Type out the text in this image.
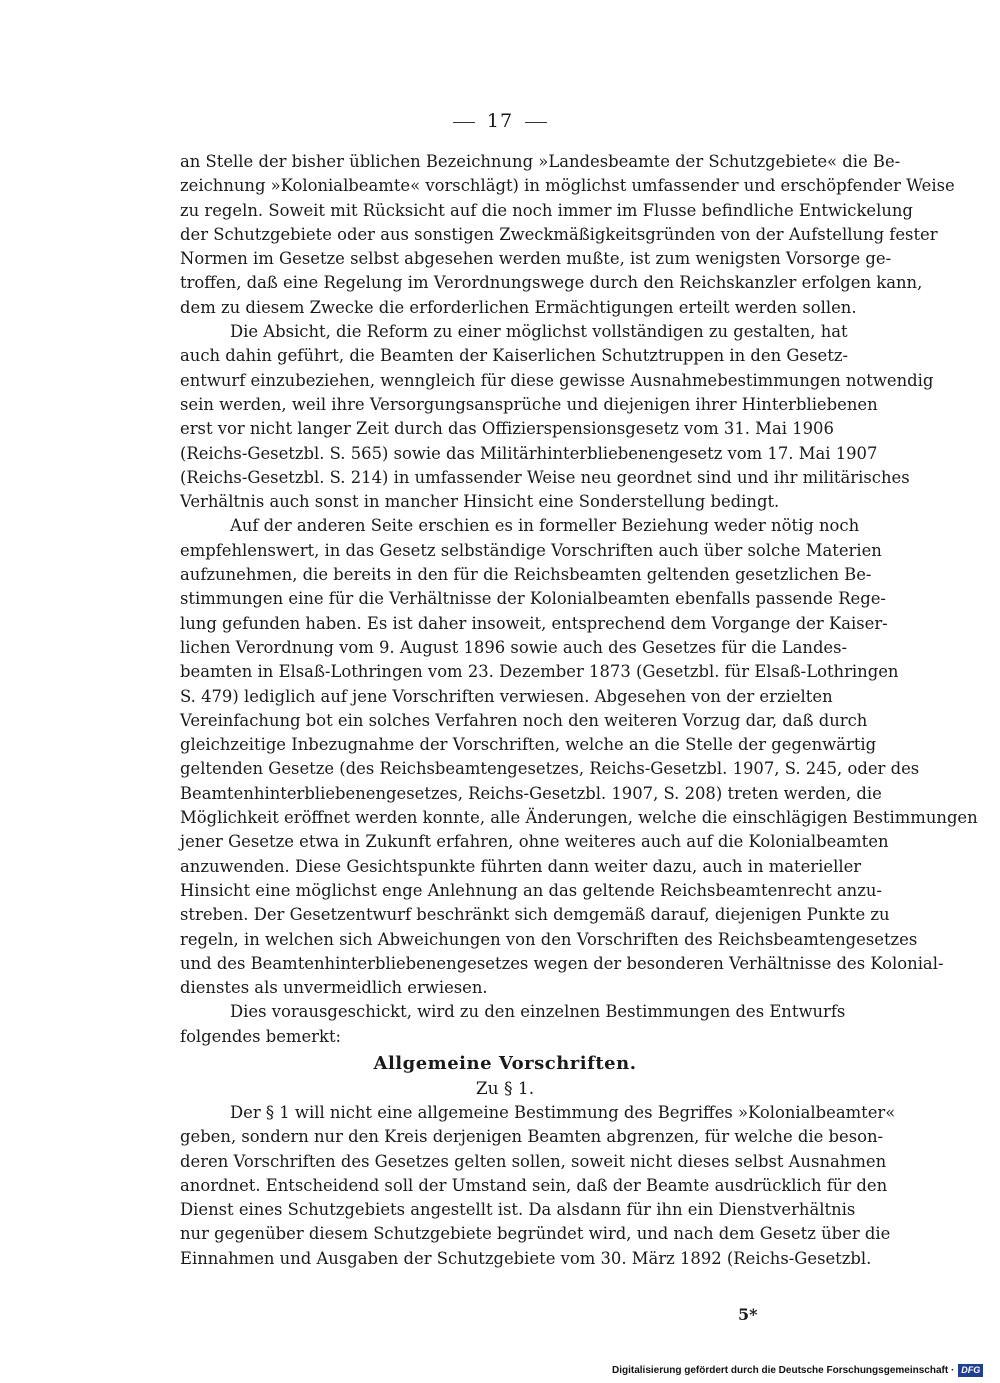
17
an Stelle der bisher üblichen Bezeichnung »Landesbeamte der Schutzgebiete« die Be-
zeichnung »Kolonialbeamte« vorschlägt) in möglichst umfassender und erschöpfender Weise
zu regeln. Soweit mit Rücksicht auf die noch immer im Flusse befindliche Entwickelung
der Schutzgebiete oder aus sonstigen Zweckmäßigkeitsgründen von der Aufstellung fester
Normen im Gesetze selbst abgesehen werden mußte, ist zum wenigsten Vorsorge ge-
troffen, daß eine Regelung im Verordnungswege durch den Reichskanzler erfolgen kann,
dem zu diesem Zwecke die erforderlichen Ermächtigungen erteilt werden sollen.
Die Absicht, die Reform zu einer möglichst vollständigen zu gestalten, hat
auch dahin geführt, die Beamten der Kaiserlichen Schutztruppen in den Gesetz-
entwurf einzubeziehen, wenngleich für diese gewisse Ausnahmebestimmungen notwendig
sein werden, weil ihre Versorgungsansprüche und diejenigen ihrer Hinterbliebenen
erst vor nicht langer Zeit durch das Offizierspensionsgesetz vom 31. Mai 1906
(Reichs-Gesetzbl. S. 565) sowie das Militärhinterbliebenengesetz vom 17. Mai 1907
(Reichs-Gesetzbl. S. 214) in umfassender Weise neu geordnet sind und ihr militärisches
Verhältnis auch sonst in mancher Hinsicht eine Sonderstellung bedingt.
Auf der anderen Seite erschien es in formeller Beziehung weder nötig noch
empfehlenswert, in das Gesetz selbständige Vorschriften auch über solche Materien
aufzunehmen, die bereits in den für die Reichsbeamten geltenden gesetzlichen Be-
stimmungen eine für die Verhältnisse der Kolonialbeamten ebenfalls passende Rege-
lung gefunden haben. Es ist daher insoweit, entsprechend dem Vorgange der Kaiser-
lichen Verordnung vom 9. August 1896 sowie auch des Gesetzes für die Landes-
beamten in Elsaß-Lothringen vom 23. Dezember 1873 (Gesetzbl. für Elsaß-Lothringen
S. 479) lediglich auf jene Vorschriften verwiesen. Abgesehen von der erzielten
Vereinfachung bot ein solches Verfahren noch den weiteren Vorzug dar, daß durch
gleichzeitige Inbezugnahme der Vorschriften, welche an die Stelle der gegenwärtig
geltenden Gesetze (des Reichsbeamtengesetzes, Reichs-Gesetzbl. 1907, S. 245, oder des
Beamtenhinterbliebenengesetzes, Reichs-Gesetzbl. 1907, S. 208) treten werden, die
Möglichkeit eröffnet werden konnte, alle Änderungen, welche die einschlägigen Bestimmungen
jener Gesetze etwa in Zukunft erfahren, ohne weiteres auch auf die Kolonialbeamten
anzuwenden. Diese Gesichtspunkte führten dann weiter dazu, auch in materieller
Hinsicht eine möglichst enge Anlehnung an das geltende Reichsbeamtenrecht anzu-
streben. Der Gesetzentwurf beschränkt sich demgemäß darauf, diejenigen Punkte zu
regeln, in welchen sich Abweichungen von den Vorschriften des Reichsbeamtengesetzes
und des Beamtenhinterbliebenengesetzes wegen der besonderen Verhältnisse des Kolonial-
dienstes als unvermeidlich erwiesen.
Dies vorausgeschickt, wird zu den einzelnen Bestimmungen des Entwurfs
folgendes bemerkt:
Allgemeine Vorschriften.
Zu § 1.
Der § 1 will nicht eine allgemeine Bestimmung des Begriffes »Kolonialbeamter«
geben, sondern nur den Kreis derjenigen Beamten abgrenzen, für welche die beson-
deren Vorschriften des Gesetzes gelten sollen, soweit nicht dieses selbst Ausnahmen
anordnet. Entscheidend soll der Umstand sein, daß der Beamte ausdrücklich für den
Dienst eines Schutzgebiets angestellt ist. Da alsdann für ihn ein Dienstverhältnis
nur gegenüber diesem Schutzgebiete begründet wird, und nach dem Gesetz über die
Einnahmen und Ausgaben der Schutzgebiete vom 30. März 1892 (Reichs-Gesetzbl.
5*
Digitalisierung gefördert durch die Deutsche Forschungsgemeinschaft · DFG
